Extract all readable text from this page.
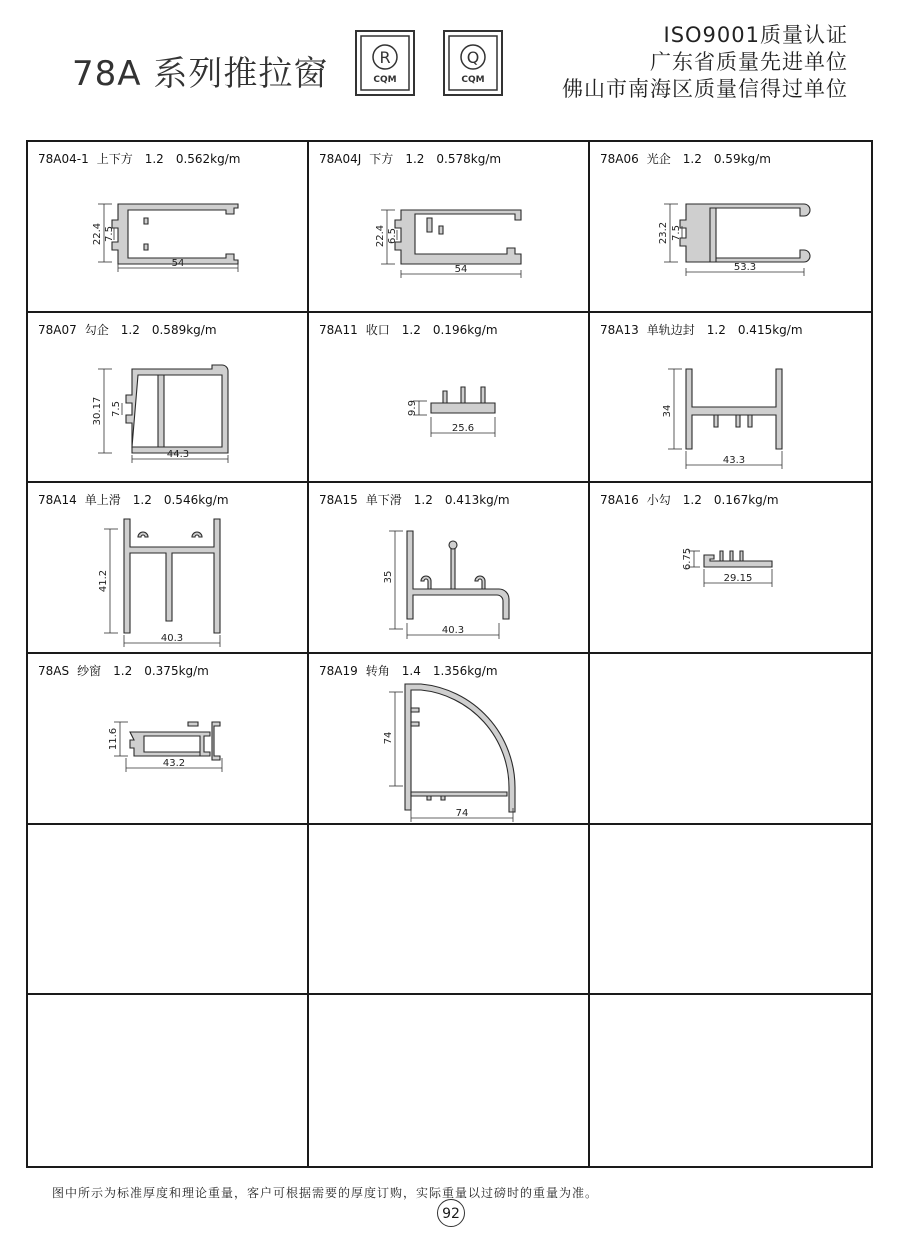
78A 系列推拉窗	R
CQM
Q
CQM
ISO9001质量认证
广东省质量先进单位
佛山市南海区质量信得过单位
78A04-1 上下方 1.2 0.562kg/m
22.4 7.5
54
78A04J 下方 1.2 0.578kg/m
22.4 6.5
54
78A06 光企 1.2 0.59kg/m
23.2 7.5
53.3
78A07 勾企 1.2 0.589kg/m
30.17 7.5
44.3
78A11 收口 1.2 0.196kg/m
9.9
25.6
78A13 单轨边封 1.2 0.415kg/m
34
43.3
78A14 单上滑 1.2 0.546kg/m
41.2
40.3
78A15 单下滑 1.2 0.413kg/m
35
40.3
78A16 小勾 1.2 0.167kg/m
6.75
29.15
78AS 纱窗 1.2 0.375kg/m
11.6
43.2
78A19 转角 1.4 1.356kg/m
74
74
图中所示为标准厚度和理论重量，客户可根据需要的厚度订购，实际重量以过磅时的重量为准。
92
